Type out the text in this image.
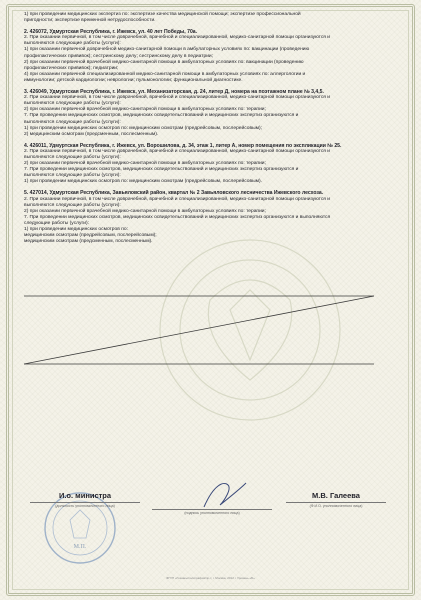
1) при проведении медицинских экспертиз по: экспертизе качества медицинской помощи; экспертизе профессиональной
пригодности; экспертизе временной нетрудоспособности.
2. 426072, Удмуртская Республика, г. Ижевск, ул. 40 лет Победы, 70а.
2. При оказании первичной, в том числе доврачебной, врачебной и специализированной, медико-санитарной помощи организуются и
выполняются следующие работы (услуги):
1) при оказании первичной доврачебной медико-санитарной помощи в амбулаторных условиях по: вакцинации (проведению
профилактических прививок); сестринскому делу; сестринскому делу в педиатрии;
2) при оказании первичной врачебной медико-санитарной помощи в амбулаторных условиях по: вакцинации (проведению
профилактических прививок); педиатрии;
4) при оказании первичной специализированной медико-санитарной помощи в амбулаторных условиях по: аллергологии и
иммунологии; детской кардиологии; неврологии; пульмонологии; функциональной диагностике.
3. 426049, Удмуртская Республика, г. Ижевск, ул. Механизаторская, д. 24, литер Д, номера на поэтажном плане № 3,4,5.
2. При оказании первичной, в том числе доврачебной, врачебной и специализированной, медико-санитарной помощи организуются и
выполняются следующие работы (услуги):
2) при оказании первичной врачебной медико-санитарной помощи в амбулаторных условиях по: терапии;
7. При проведении медицинских осмотров, медицинских освидетельствований и медицинских экспертиз организуются и
выполняются следующие работы (услуги):
1) при проведении медицинских осмотров по: медицинским осмотрам (предрейсовым, послерейсовым);
2) медицинским осмотрам (предсменным, послесменным).
4. 426011, Удмуртская Республика, г. Ижевск, ул. Ворошилова, д. 34, этаж 1, литер А, номер помещения по экспликации № 25.
2. При оказании первичной, в том числе доврачебной, врачебной и специализированной, медико-санитарной помощи организуются и
выполняются следующие работы (услуги):
2) при оказании первичной врачебной медико-санитарной помощи в амбулаторных условиях по: терапии;
7. При проведении медицинских осмотров, медицинских освидетельствований и медицинских экспертиз организуются и
выполняются следующие работы (услуги):
1) при проведении медицинских осмотров по: медицинским осмотрам (предрейсовым, послерейсовым).
5. 427014, Удмуртская Республика, Завьяловский район, квартал № 2 Завьяловского лесничества Ижевского лесхоза.
2. При оказании первичной, в том числе доврачебной, врачебной и специализированной, медико-санитарной помощи организуются и
выполняются следующие работы (услуги):
2) при оказании первичной врачебной медико-санитарной помощи в амбулаторных условиях по: терапии;
7. При проведении медицинских осмотров, медицинских освидетельствований и медицинских экспертиз организуются и выполняются
следующие работы (услуги):
1) при проведении медицинских осмотров по:
медицинским осмотрам (предрейсовым, послерейсовым);
медицинским осмотрам (предсменным, послесменным).
М.П.
И.о. министра
(должность уполномоченного лица)
(подпись уполномоченного лица)
М.В. Галеева
(Ф.И.О. уполномоченного лица)
ФГУП «Гознак»/полиграфия/пр-т, г. Москва, 2012 г. Уровень «Б»
